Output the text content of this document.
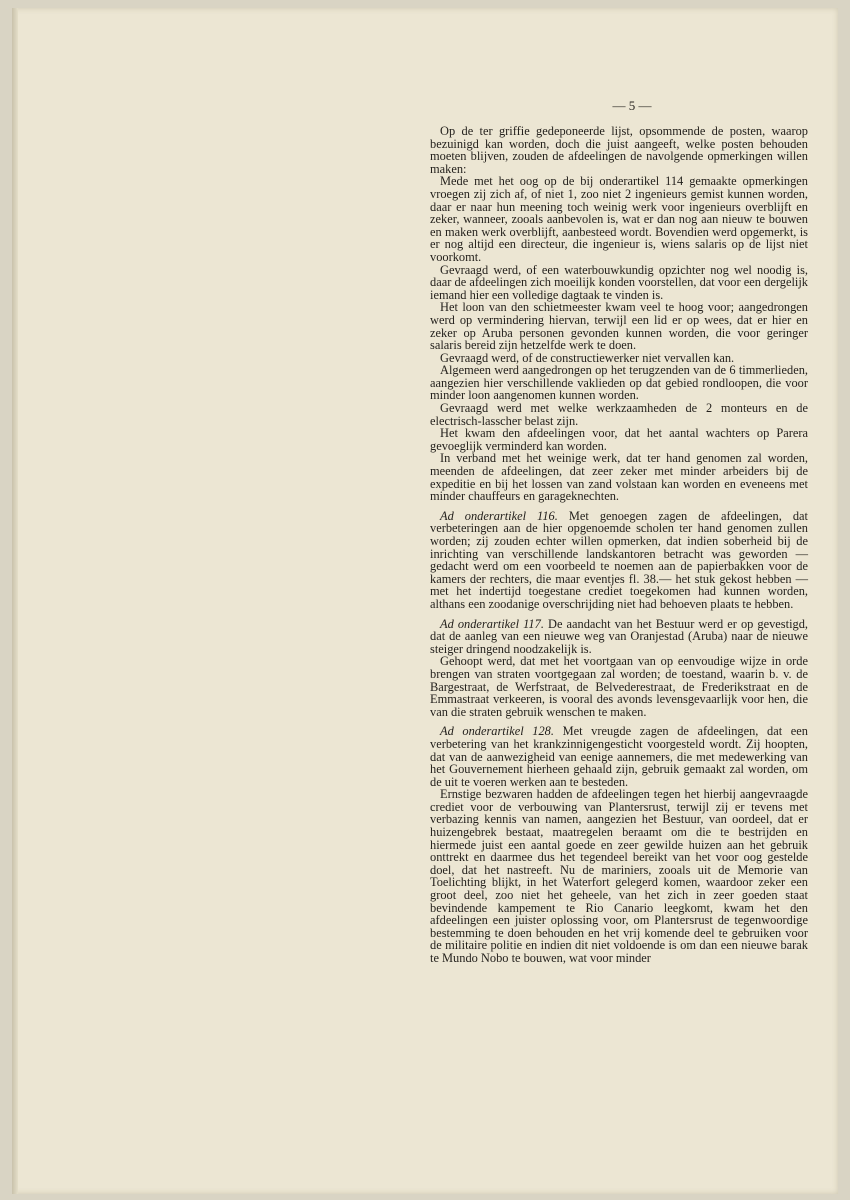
— 5 —

Op de ter griffie gedeponeerde lijst, opsommende de posten, waarop bezuinigd kan worden, doch die juist aangeeft, welke posten behouden moeten blijven, zouden de afdeelingen de navolgende opmerkingen willen maken:

Mede met het oog op de bij onderartikel 114 gemaakte opmerkingen vroegen zij zich af, of niet 1, zoo niet 2 ingenieurs gemist kunnen worden, daar er naar hun meening toch weinig werk voor ingenieurs overblijft en zeker, wanneer, zooals aanbevolen is, wat er dan nog aan nieuw te bouwen en maken werk overblijft, aanbesteed wordt. Bovendien werd opgemerkt, is er nog altijd een directeur, die ingenieur is, wiens salaris op de lijst niet voorkomt.

Gevraagd werd, of een waterbouwkundig opzichter nog wel noodig is, daar de afdeelingen zich moeilijk konden voorstellen, dat voor een dergelijk iemand hier een volledige dagtaak te vinden is.

Het loon van den schietmeester kwam veel te hoog voor; aangedrongen werd op vermindering hiervan, terwijl een lid er op wees, dat er hier en zeker op Aruba personen gevonden kunnen worden, die voor geringer salaris bereid zijn hetzelfde werk te doen.

Gevraagd werd, of de constructiewerker niet vervallen kan.

Algemeen werd aangedrongen op het terugzenden van de 6 timmerlieden, aangezien hier verschillende vaklieden op dat gebied rondloopen, die voor minder loon aangenomen kunnen worden.

Gevraagd werd met welke werkzaamheden de 2 monteurs en de electrisch-lasscher belast zijn.

Het kwam den afdeelingen voor, dat het aantal wachters op Parera gevoeglijk verminderd kan worden.

In verband met het weinige werk, dat ter hand genomen zal worden, meenden de afdeelingen, dat zeer zeker met minder arbeiders bij de expeditie en bij het lossen van zand volstaan kan worden en eveneens met minder chauffeurs en garageknechten.

Ad onderartikel 116. Met genoegen zagen de afdeelingen, dat verbeteringen aan de hier opgenoemde scholen ter hand genomen zullen worden; zij zouden echter willen opmerken, dat indien soberheid bij de inrichting van verschillende landskantoren betracht was geworden — gedacht werd om een voorbeeld te noemen aan de papierbakken voor de kamers der rechters, die maar eventjes fl. 38.— het stuk gekost hebben — met het indertijd toegestane crediet toegekomen had kunnen worden, althans een zoodanige overschrijding niet had behoeven plaats te hebben.

Ad onderartikel 117. De aandacht van het Bestuur werd er op gevestigd, dat de aanleg van een nieuwe weg van Oranjestad (Aruba) naar de nieuwe steiger dringend noodzakelijk is.

Gehoopt werd, dat met het voortgaan van op eenvoudige wijze in orde brengen van straten voortgegaan zal worden; de toestand, waarin b. v. de Bargestraat, de Werfstraat, de Belvederestraat, de Frederikstraat en de Emmastraat verkeeren, is vooral des avonds levensgevaarlijk voor hen, die van die straten gebruik wenschen te maken.

Ad onderartikel 128. Met vreugde zagen de afdeelingen, dat een verbetering van het krankzinnigengesticht voorgesteld wordt. Zij hoopten, dat van de aanwezigheid van eenige aannemers, die met medewerking van het Gouvernement hierheen gehaald zijn, gebruik gemaakt zal worden, om de uit te voeren werken aan te besteden.

Ernstige bezwaren hadden de afdeelingen tegen het hierbij aangevraagde crediet voor de verbouwing van Plantersrust, terwijl zij er tevens met verbazing kennis van namen, aangezien het Bestuur, van oordeel, dat er huizengebrek bestaat, maatregelen beraamt om die te bestrijden en hiermede juist een aantal goede en zeer gewilde huizen aan het gebruik onttrekt en daarmee dus het tegendeel bereikt van het voor oog gestelde doel, dat het nastreeft. Nu de mariniers, zooals uit de Memorie van Toelichting blijkt, in het Waterfort gelegerd komen, waardoor zeker een groot deel, zoo niet het geheele, van het zich in zeer goeden staat bevindende kampement te Rio Canario leegkomt, kwam het den afdeelingen een juister oplossing voor, om Plantersrust de tegenwoordige bestemming te doen behouden en het vrij komende deel te gebruiken voor de militaire politie en indien dit niet voldoende is om dan een nieuwe barak te Mundo Nobo te bouwen, wat voor minder
